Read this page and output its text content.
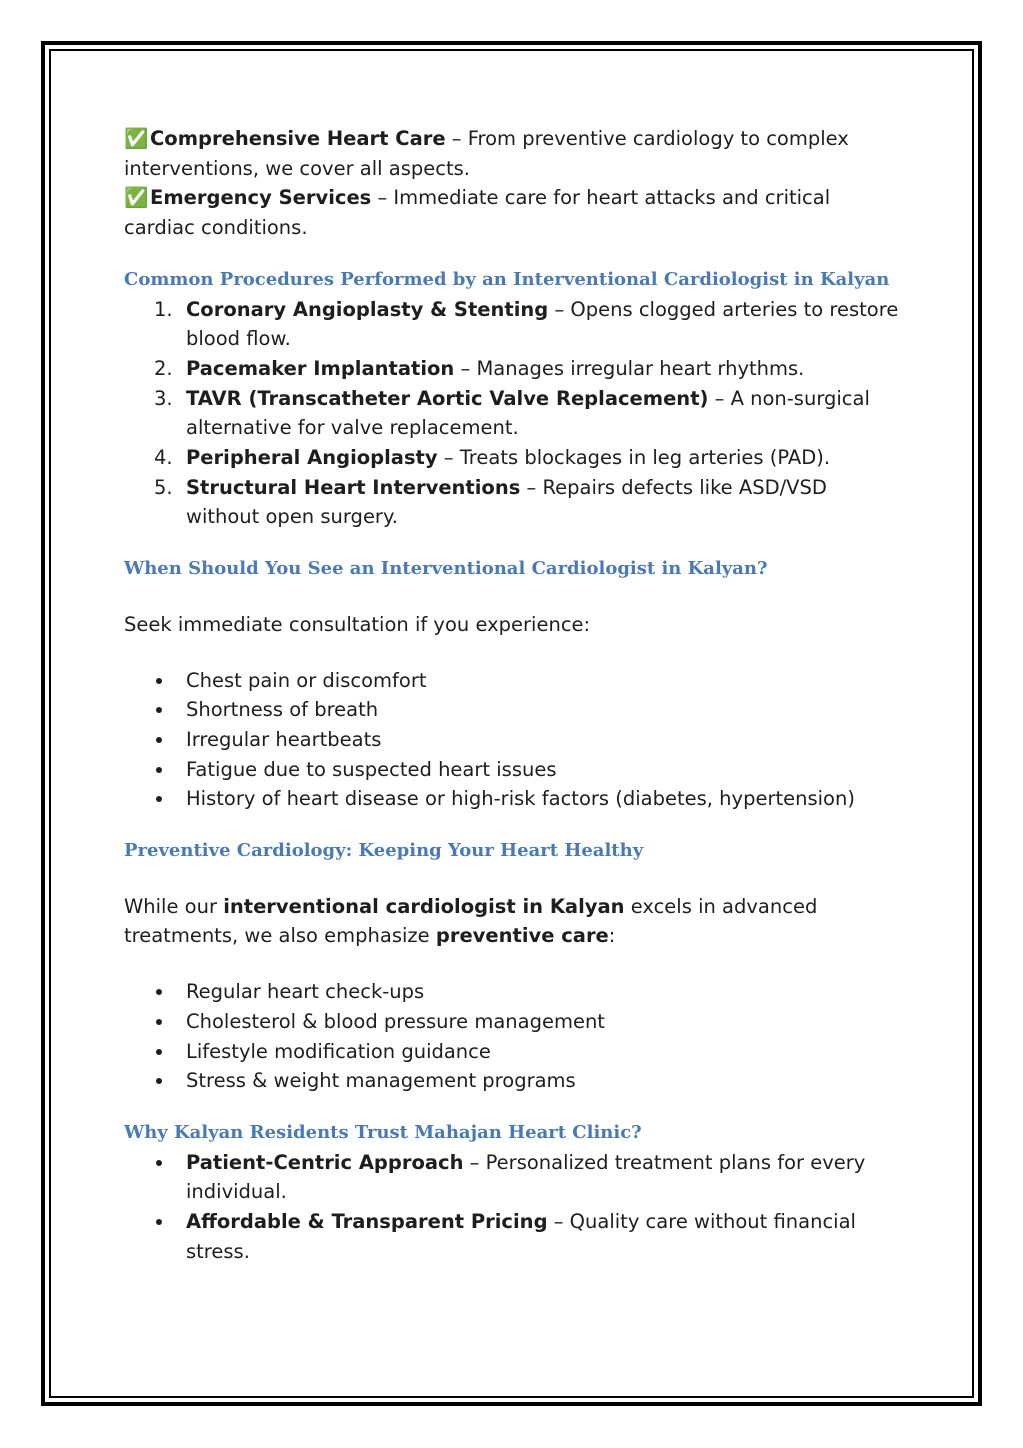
✅Comprehensive Heart Care – From preventive cardiology to complex interventions, we cover all aspects.

✅Emergency Services – Immediate care for heart attacks and critical cardiac conditions.

Common Procedures Performed by an Interventional Cardiologist in Kalyan
1. Coronary Angioplasty & Stenting – Opens clogged arteries to restore blood flow.
2. Pacemaker Implantation – Manages irregular heart rhythms.
3. TAVR (Transcatheter Aortic Valve Replacement) – A non-surgical alternative for valve replacement.
4. Peripheral Angioplasty – Treats blockages in leg arteries (PAD).
5. Structural Heart Interventions – Repairs defects like ASD/VSD without open surgery.
When Should You See an Interventional Cardiologist in Kalyan?

Seek immediate consultation if you experience:

Chest pain or discomfort
Shortness of breath
Irregular heartbeats
Fatigue due to suspected heart issues
History of heart disease or high-risk factors (diabetes, hypertension)
Preventive Cardiology: Keeping Your Heart Healthy

While our interventional cardiologist in Kalyan excels in advanced treatments, we also emphasize preventive care:

Regular heart check-ups
Cholesterol & blood pressure management
Lifestyle modification guidance
Stress & weight management programs
Why Kalyan Residents Trust Mahajan Heart Clinic?
Patient-Centric Approach – Personalized treatment plans for every individual.
Affordable & Transparent Pricing – Quality care without financial stress.
